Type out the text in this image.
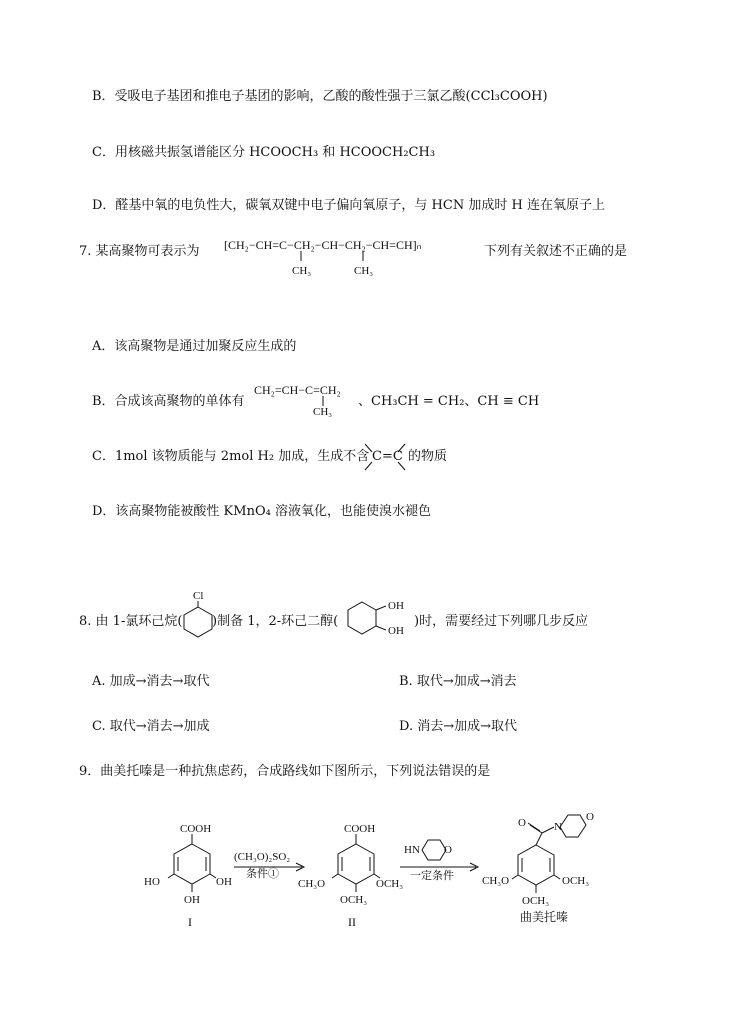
B．受吸电子基团和推电子基团的影响，乙酸的酸性强于三氯乙酸(CCl₃COOH)
C．用核磁共振氢谱能区分 HCOOCH₃ 和 HCOOCH₂CH₃
D．醛基中氧的电负性大，碳氧双键中电子偏向氧原子，与 HCN 加成时 H 连在氧原子上
7. 某高聚物可表示为 [CH₂−CH=C−CH₂−CH−CH₂−CH=CH]ₙ
CH₃	CH₃
下列有关叙述不正确的是
A．该高聚物是通过加聚反应生成的
B．合成该高聚物的单体有
CH₂=CH−C=CH₂
CH₃
、CH₃CH = CH₂、CH ≡ CH
C．1mol 该物质能与 2mol H₂ 加成，生成不含 C=C 的物质
D．该高聚物能被酸性 KMnO₄ 溶液氧化，也能使溴水褪色
8. 由 1-氯环己烷(
Cl
)制备 1，2-环己二醇(
OH
OH
)时，需要经过下列哪几步反应
A. 加成→消去→取代	B. 取代→加成→消去
C. 取代→消去→加成	D. 消去→加成→取代
9．曲美托嗪是一种抗焦虑药，合成路线如下图所示，下列说法错误的是
COOH
HO	OH
OH
I
(CH₃O)₂SO₂
条件①
COOH
CH₃O	OCH₃
OCH₃
II
HN O
一定条件
O	N
O
CH₃O	OCH₃
OCH₃
曲美托嗪
